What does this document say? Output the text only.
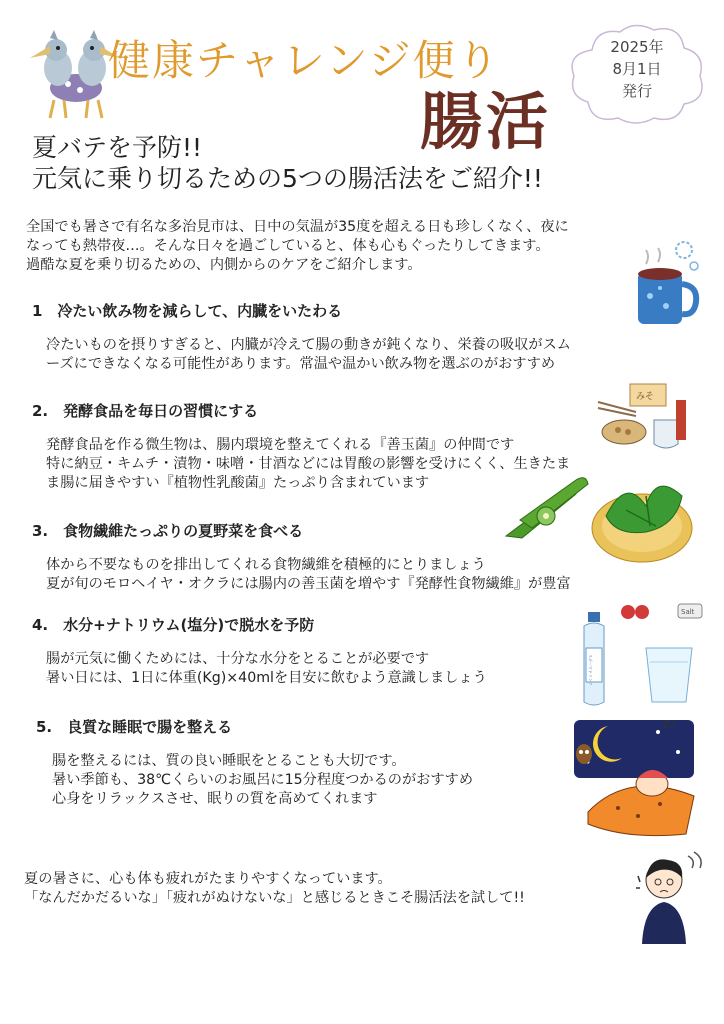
健康チャレンジ便り
腸活
2025年
8月1日
発行
夏バテを予防!!
元気に乗り切るための5つの腸活法をご紹介!!
全国でも暑さで有名な多治見市は、日中の気温が35度を超える日も珍しくなく、夜に
なっても熱帯夜…。そんな日々を過ごしていると、体も心もぐったりしてきます。
過酷な夏を乗り切るための、内側からのケアをご紹介します。
1　冷たい飲み物を減らして、内臓をいたわる
冷たいものを摂りすぎると、内臓が冷えて腸の動きが鈍くなり、栄養の吸収がスム
ーズにできなくなる可能性があります。常温や温かい飲み物を選ぶのがおすすめ
2.　発酵食品を毎日の習慣にする
発酵食品を作る微生物は、腸内環境を整えてくれる『善玉菌』の仲間です
特に納豆・キムチ・漬物・味噌・甘酒などには胃酸の影響を受けにくく、生きたま
ま腸に届きやすい『植物性乳酸菌』たっぷり含まれています
3.　食物繊維たっぷりの夏野菜を食べる
体から不要なものを排出してくれる食物繊維を積極的にとりましょう
夏が旬のモロヘイヤ・オクラには腸内の善玉菌を増やす『発酵性食物繊維』が豊富
4.　水分+ナトリウム(塩分)で脱水を予防
腸が元気に働くためには、十分な水分をとることが必要です
暑い日には、1日に体重(Kg)×40mlを目安に飲むよう意識しましょう
5.　良質な睡眠で腸を整える
腸を整えるには、質の良い睡眠をとることも大切です。
暑い季節も、38℃くらいのお風呂に15分程度つかるのがおすすめ
心身をリラックスさせ、眠りの質を高めてくれます
夏の暑さに、心も体も疲れがたまりやすくなっています。
「なんだかだるいな」「疲れがぬけないな」と感じるときこそ腸活法を試して!!
みそ
Salt
スポーツドリンク
Zz
